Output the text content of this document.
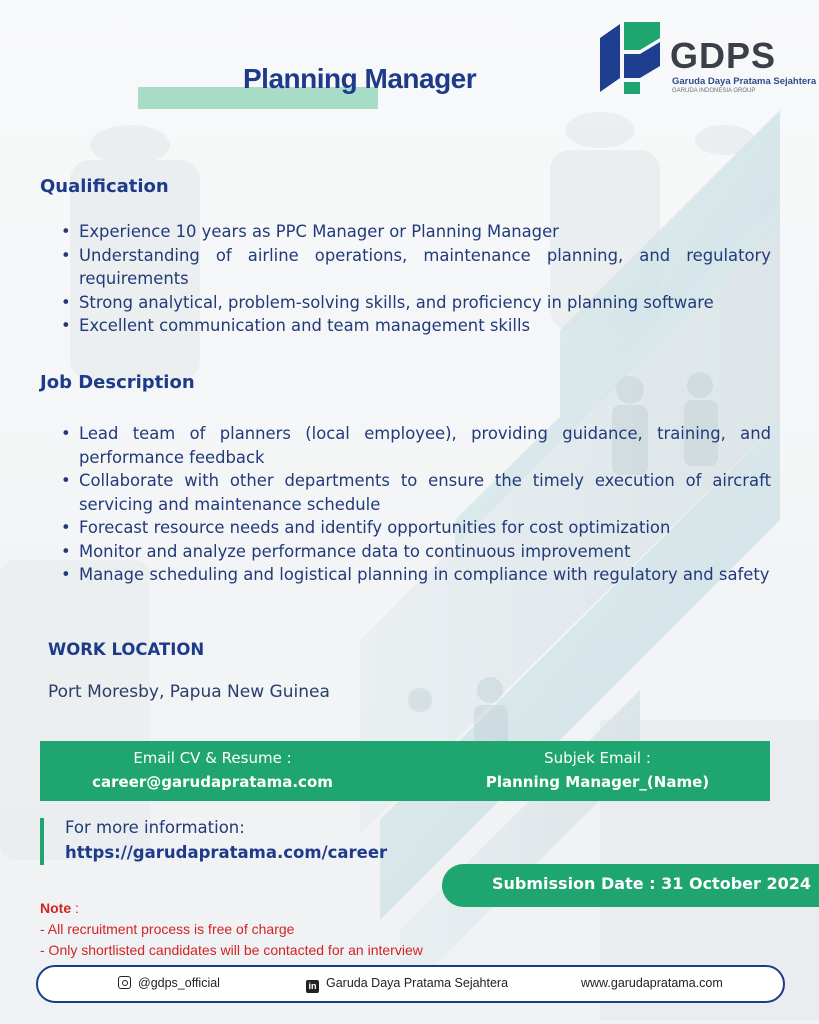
GDPS
Garuda Daya Pratama Sejahtera
GARUDA INDONESIA GROUP
Planning Manager
Qualification
• Experience 10 years as PPC Manager or Planning Manager
• Understanding of airline operations, maintenance planning, and regulatory requirements
• Strong analytical, problem-solving skills, and proficiency in planning software
• Excellent communication and team management skills
Job Description
• Lead team of planners (local employee), providing guidance, training, and performance feedback
• Collaborate with other departments to ensure the timely execution of aircraft servicing and maintenance schedule
• Forecast resource needs and identify opportunities for cost optimization
• Monitor and analyze performance data to continuous improvement
• Manage scheduling and logistical planning in compliance with regulatory and safety
WORK LOCATION
Port Moresby, Papua New Guinea
Email CV & Resume :
career@garudapratama.com
Subjek Email :
Planning Manager_(Name)
For more information:
https://garudapratama.com/career
Submission Date : 31 October 2024
Note :
- All recruitment process is free of charge
- Only shortlisted candidates will be contacted for an interview
@gdps_official	in Garuda Daya Pratama Sejahtera	www.garudapratama.com
